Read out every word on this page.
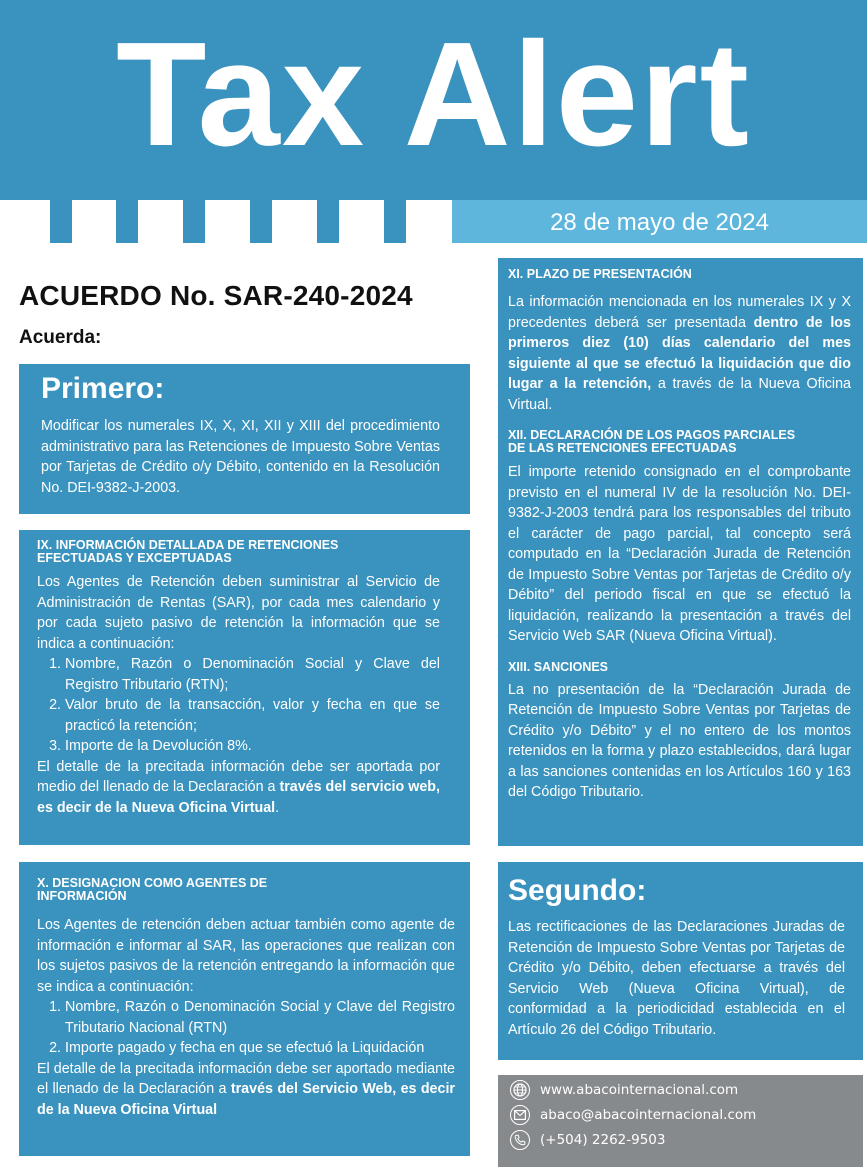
Tax Alert
28 de mayo de 2024
ACUERDO No. SAR-240-2024
Acuerda:
Primero:
Modificar los numerales IX, X, XI, XII y XIII del procedimiento administrativo para las Retenciones de Impuesto Sobre Ventas por Tarjetas de Crédito o/y Débito, contenido en la Resolución No. DEI-9382-J-2003.
IX. INFORMACIÓN DETALLADA DE RETENCIONES
EFECTUADAS Y EXCEPTUADAS
Los Agentes de Retención deben suministrar al Servicio de Administración de Rentas (SAR), por cada mes calendario y por cada sujeto pasivo de retención la información que se indica a continuación:
1. Nombre, Razón o Denominación Social y Clave del Registro Tributario (RTN);
2. Valor bruto de la transacción, valor y fecha en que se practicó la retención;
3. Importe de la Devolución 8%.
El detalle de la precitada información debe ser aportada por medio del llenado de la Declaración a través del servicio web, es decir de la Nueva Oficina Virtual.
X. DESIGNACION COMO AGENTES DE
INFORMACIÓN
Los Agentes de retención deben actuar también como agente de información e informar al SAR, las operaciones que realizan con los sujetos pasivos de la retención entregando la información que se indica a continuación:
1. Nombre, Razón o Denominación Social y Clave del Registro Tributario Nacional (RTN)
2. Importe pagado y fecha en que se efectuó la Liquidación
El detalle de la precitada información debe ser aportado mediante el llenado de la Declaración a través del Servicio Web, es decir de la Nueva Oficina Virtual
XI. PLAZO DE PRESENTACIÓN
La información mencionada en los numerales IX y X precedentes deberá ser presentada dentro de los primeros diez (10) días calendario del mes siguiente al que se efectuó la liquidación que dio lugar a la retención, a través de la Nueva Oficina Virtual.
XII. DECLARACIÓN DE LOS PAGOS PARCIALES
DE LAS RETENCIONES EFECTUADAS
El importe retenido consignado en el comprobante previsto en el numeral IV de la resolución No. DEI-9382-J-2003 tendrá para los responsables del tributo el carácter de pago parcial, tal concepto será computado en la “Declaración Jurada de Retención de Impuesto Sobre Ventas por Tarjetas de Crédito o/y Débito” del periodo fiscal en que se efectuó la liquidación, realizando la presentación a través del Servicio Web SAR (Nueva Oficina Virtual).
XIII. SANCIONES
La no presentación de la “Declaración Jurada de Retención de Impuesto Sobre Ventas por Tarjetas de Crédito y/o Débito” y el no entero de los montos retenidos en la forma y plazo establecidos, dará lugar a las sanciones contenidas en los Artículos 160 y 163 del Código Tributario.
Segundo:
Las rectificaciones de las Declaraciones Juradas de Retención de Impuesto Sobre Ventas por Tarjetas de Crédito y/o Débito, deben efectuarse a través del Servicio Web (Nueva Oficina Virtual), de conformidad a la periodicidad establecida en el Artículo 26 del Código Tributario.
www.abacointernacional.com
abaco@abacointernacional.com
(+504) 2262-9503
